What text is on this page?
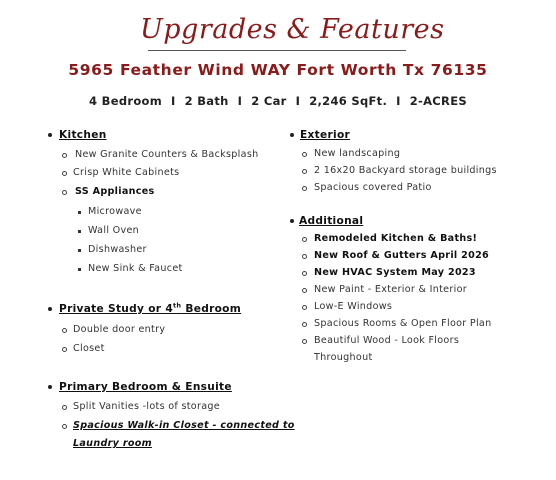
Upgrades & Features
5965 Feather Wind WAY Fort Worth Tx 76135
4 Bedroom I 2 Bath I 2 Car I 2,246 SqFt. I 2-ACRES
Kitchen
New Granite Counters & Backsplash
Crisp White Cabinets
SS Appliances
Microwave
Wall Oven
Dishwasher
New Sink & Faucet
Private Study or 4th Bedroom
Double door entry
Closet
Primary Bedroom & Ensuite
Split Vanities -lots of storage
Spacious Walk-in Closet - connected to
Laundry room
Exterior
New landscaping
2 16x20 Backyard storage buildings
Spacious covered Patio
Additional
Remodeled Kitchen & Baths!
New Roof & Gutters April 2026
New HVAC System May 2023
New Paint - Exterior & Interior
Low-E Windows
Spacious Rooms & Open Floor Plan
Beautiful Wood - Look Floors
Throughout
